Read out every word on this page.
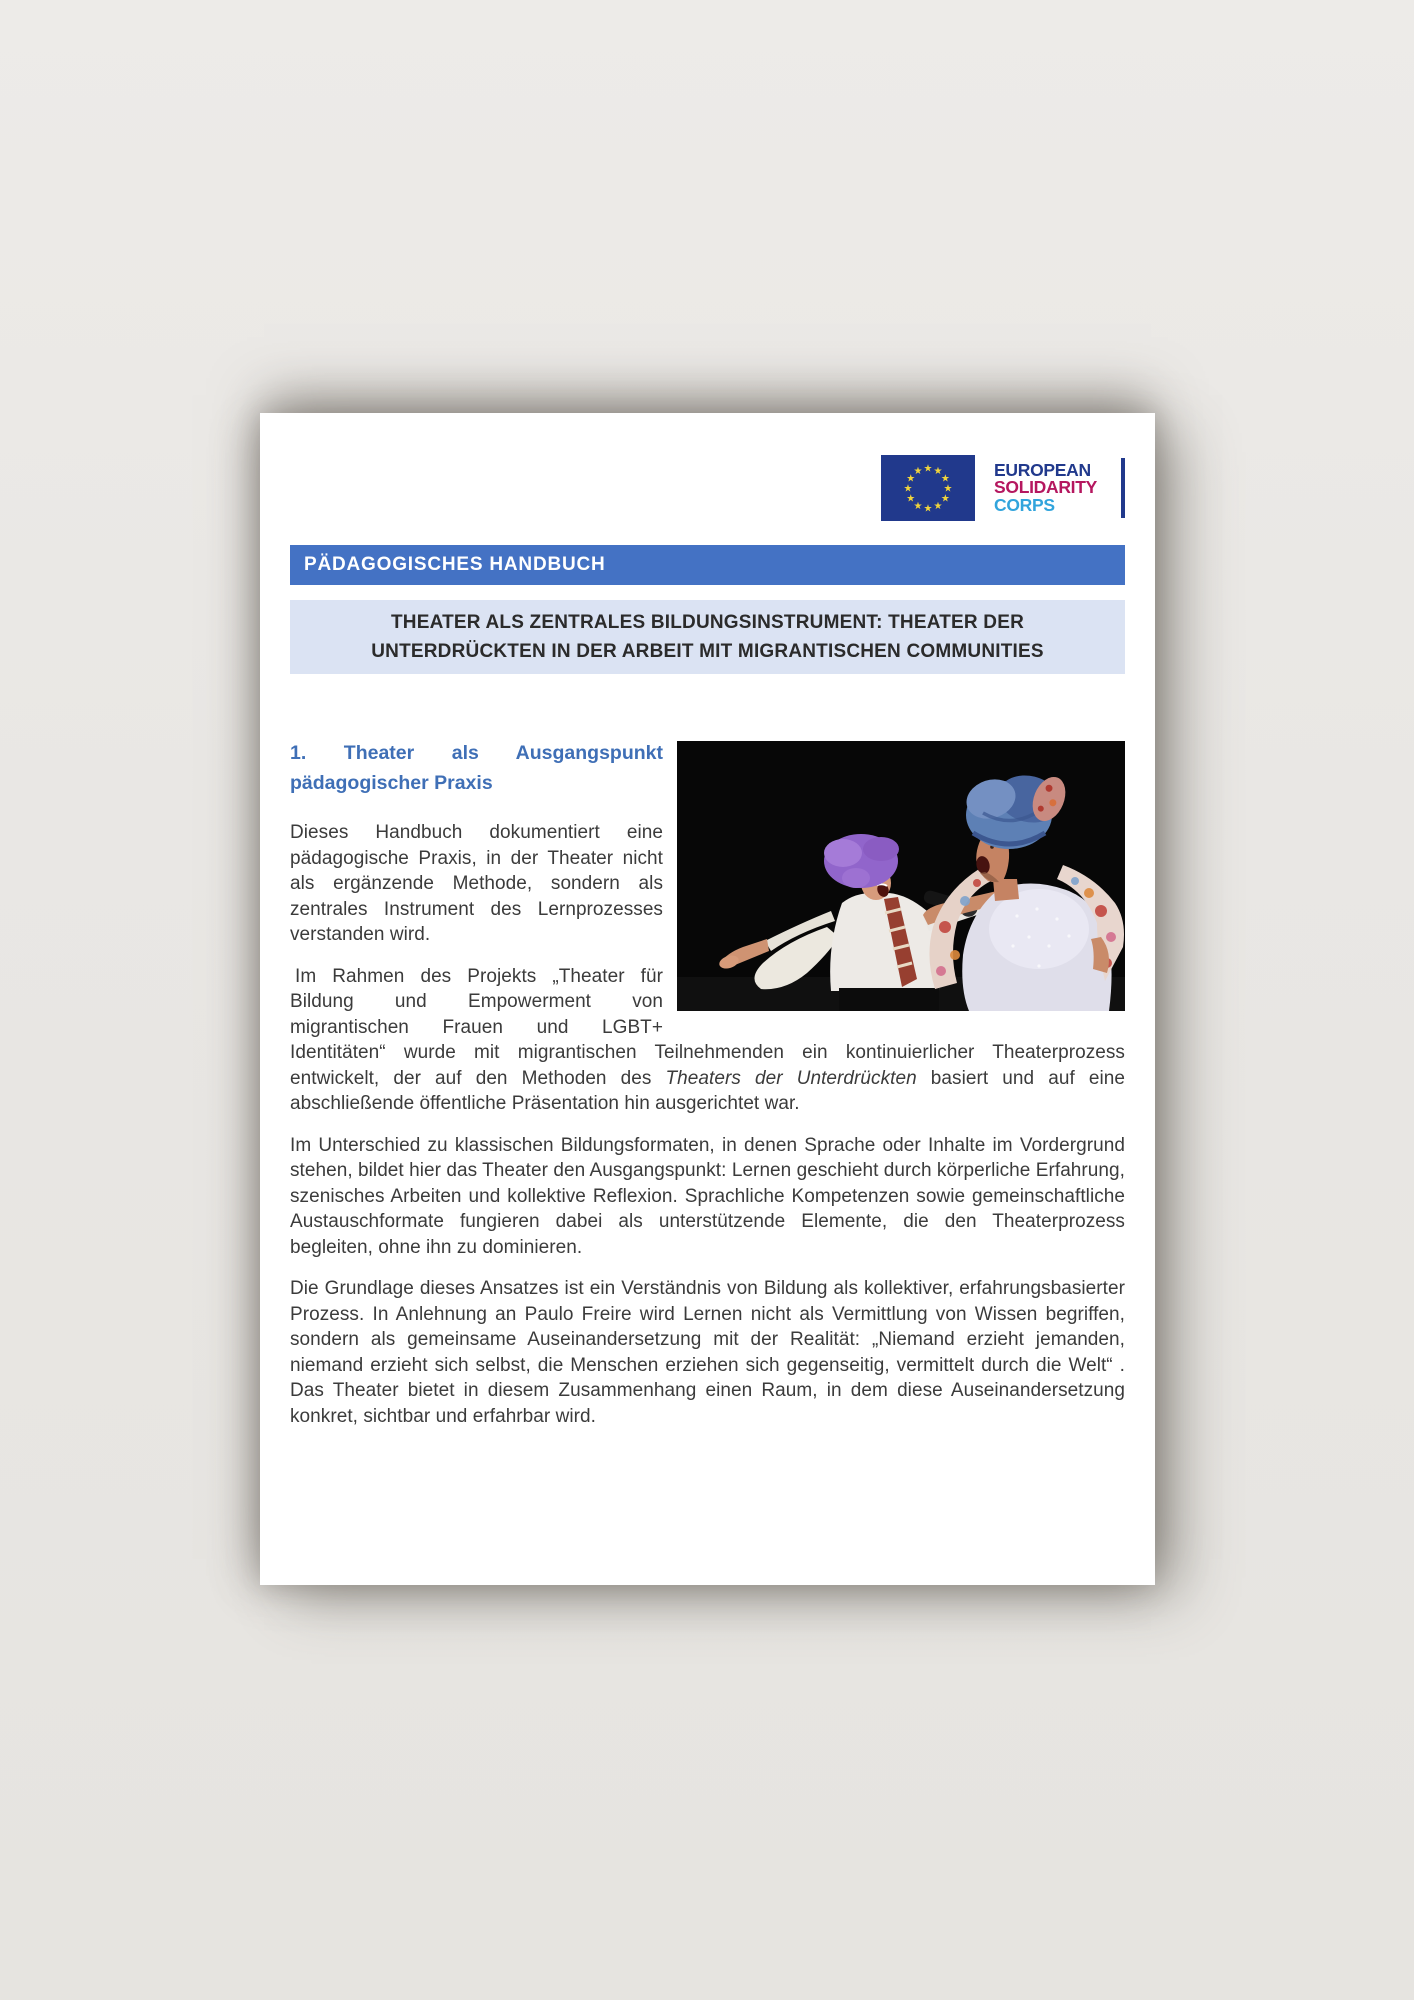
★ ★
★
★
★
★
★
★
★
★
★
★	EUROPEAN
SOLIDARITY
CORPS
PÄDAGOGISCHES HANDBUCH
THEATER ALS ZENTRALES BILDUNGSINSTRUMENT: THEATER DER
UNTERDRÜCKTEN IN DER ARBEIT MIT MIGRANTISCHEN COMMUNITIES
1. Theater als Ausgangspunkt pädagogischer Praxis

Dieses Handbuch dokumentiert eine pädagogische Praxis, in der Theater nicht als ergänzende Methode, sondern als zentrales Instrument des Lernprozesses verstanden wird.

Im Rahmen des Projekts „Theater für Bildung und Empowerment von migrantischen Frauen und LGBT+ Identitäten“ wurde mit migrantischen Teilnehmenden ein kontinuierlicher Theaterprozess entwickelt, der auf den Methoden des Theaters der Unterdrückten basiert und auf eine abschließende öffentliche Präsentation hin ausgerichtet war.

Im Unterschied zu klassischen Bildungsformaten, in denen Sprache oder Inhalte im Vordergrund stehen, bildet hier das Theater den Ausgangspunkt: Lernen geschieht durch körperliche Erfahrung, szenisches Arbeiten und kollektive Reflexion. Sprachliche Kompetenzen sowie gemeinschaftliche Austauschformate fungieren dabei als unterstützende Elemente, die den Theaterprozess begleiten, ohne ihn zu dominieren.

Die Grundlage dieses Ansatzes ist ein Verständnis von Bildung als kollektiver, erfahrungsbasierter Prozess. In Anlehnung an Paulo Freire wird Lernen nicht als Vermittlung von Wissen begriffen, sondern als gemeinsame Auseinandersetzung mit der Realität: „Niemand erzieht jemanden, niemand erzieht sich selbst, die Menschen erziehen sich gegenseitig, vermittelt durch die Welt“ . Das Theater bietet in diesem Zusammenhang einen Raum, in dem diese Auseinandersetzung konkret, sichtbar und erfahrbar wird.
